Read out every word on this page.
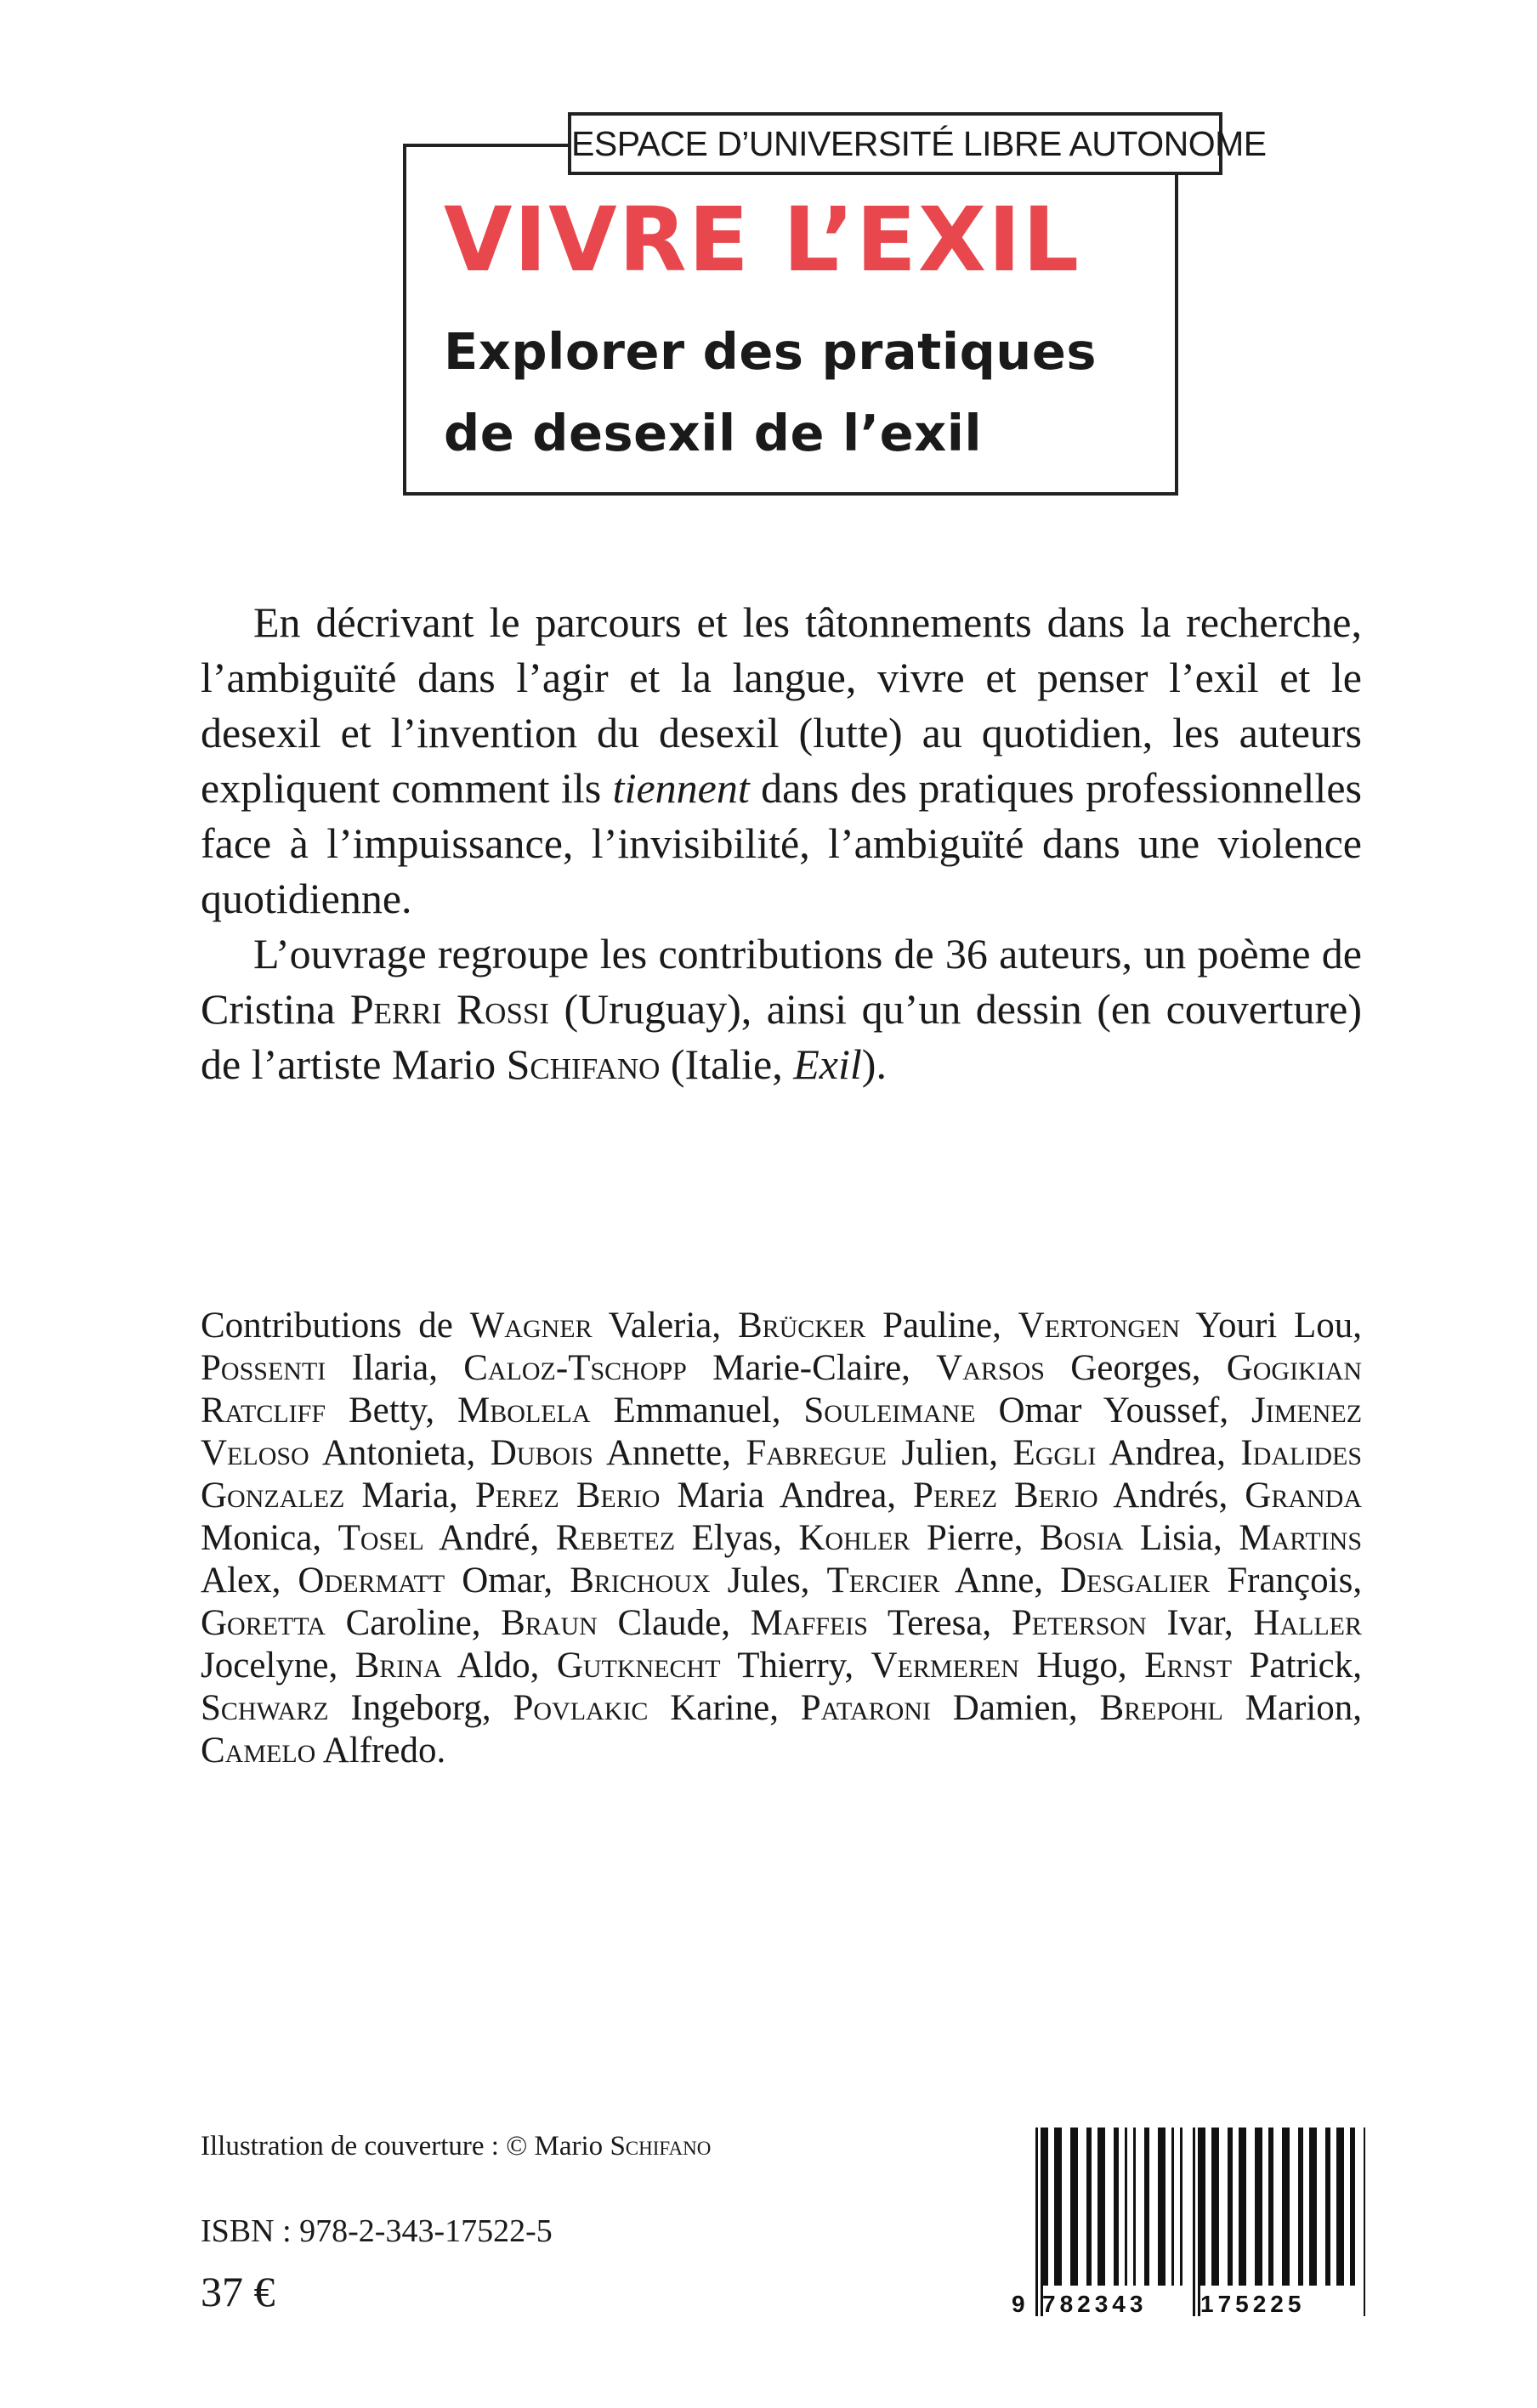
ESPACE D’UNIVERSITÉ LIBRE AUTONOME
VIVRE L’EXIL
Explorer des pratiques
de desexil de l’exil

En décrivant le parcours et les tâtonnements dans la recherche, l’ambiguïté dans l’agir et la langue, vivre et penser l’exil et le desexil et l’invention du desexil (lutte) au quotidien, les auteurs expliquent comment ils tiennent dans des pratiques professionnelles face à l’impuissance, l’invisibilité, l’ambiguïté dans une violence quotidienne.

L’ouvrage regroupe les contributions de 36 auteurs, un poème de Cristina Perri Rossi (Uruguay), ainsi qu’un dessin (en couverture) de l’artiste Mario Schifano (Italie, Exil).

Contributions de Wagner Valeria, Brücker Pauline, Vertongen Youri Lou, Possenti Ilaria, Caloz-Tschopp Marie-Claire, Varsos Georges, Gogikian Ratcliff Betty, Mbolela Emmanuel, Souleimane Omar Youssef, Jimenez Veloso Antonieta, Dubois Annette, Fabregue Julien, Eggli Andrea, Idalides Gonzalez Maria, Perez Berio Maria Andrea, Perez Berio Andrés, Granda Monica, Tosel André, Rebetez Elyas, Kohler Pierre, Bosia Lisia, Martins Alex, Odermatt Omar, Brichoux Jules, Tercier Anne, Desgalier François, Goretta Caroline, Braun Claude, Maffeis Teresa, Peterson Ivar, Haller Jocelyne, Brina Aldo, Gutknecht Thierry, Vermeren Hugo, Ernst Patrick, Schwarz Ingeborg, Povlakic Karine, Pataroni Damien, Brepohl Marion, Camelo Alfredo.

Illustration de couverture : © Mario Schifano
ISBN : 978-2-343-17522-5
37 €	9 782343 175225
